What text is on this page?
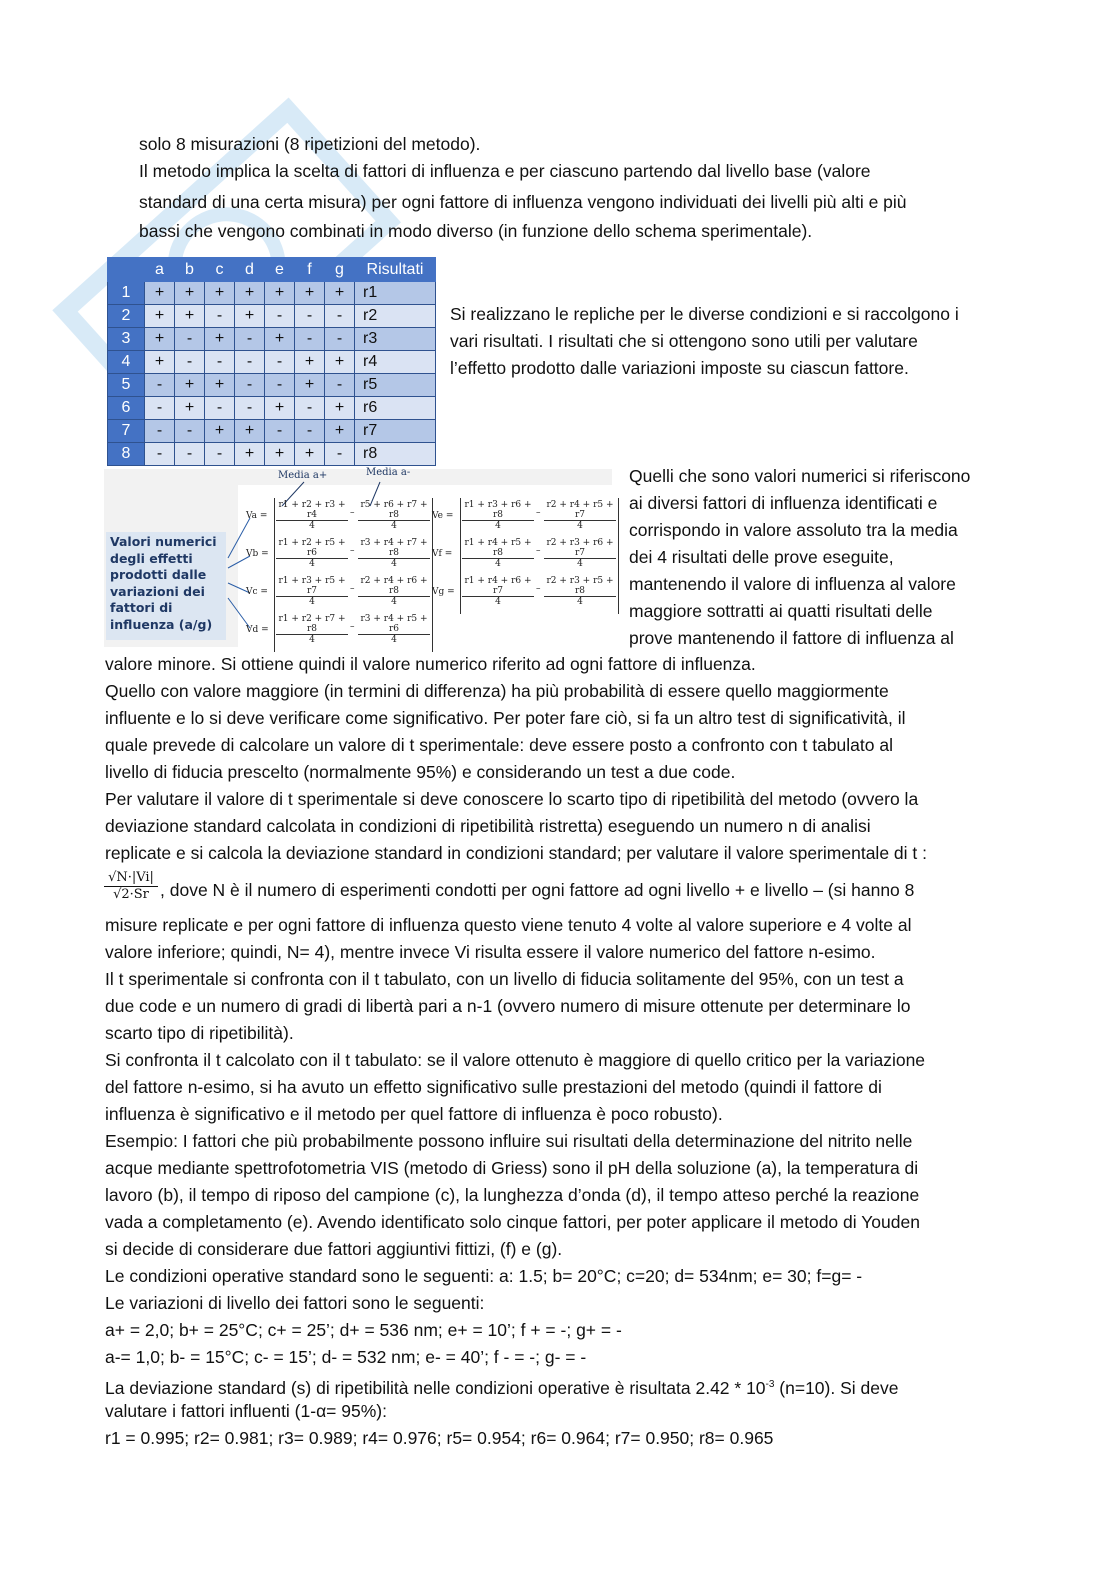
solo 8 misurazioni (8 ripetizioni del metodo).

Il metodo implica la scelta di fattori di influenza e per ciascuno partendo dal livello base (valore

standard di una certa misura) per ogni fattore di influenza vengono individuati dei livelli più alti e più

bassi che vengono combinati in modo diverso (in funzione dello schema sperimentale).

	a	b	c	d	e	f	g	Risultati
1	+	+	+	+	+	+	+	r1
2	+	+	-	+	-	-	-	r2
3	+	-	+	-	+	-	-	r3
4	+	-	-	-	-	+	+	r4
5	-	+	+	-	-	+	-	r5
6	-	+	-	-	+	-	+	r6
7	-	-	+	+	-	-	+	r7
8	-	-	-	+	+	+	-	r8

Si realizzano le repliche per le diverse condizioni e si raccolgono i

vari risultati. I risultati che si ottengono sono utili per valutare

l’effetto prodotto dalle variazioni imposte su ciascun fattore.

Valori numerici degli effetti prodotti dalle variazioni dei fattori di influenza (a/g)
Media a+	Media a-
$Va = \frac{r1 + r2 + r3 + r4}{4} - \frac{r5 + r6 + r7 + r8}{4}$
$Vb = \frac{r1 + r2 + r5 + r6}{4} - \frac{r3 + r4 + r7 + r8}{4}$
$Vc = \frac{r1 + r3 + r5 + r7}{4} - \frac{r2 + r4 + r6 + r8}{4}$
$Vd = \frac{r1 + r2 + r7 + r8}{4} - \frac{r3 + r4 + r5 + r6}{4}$
$Ve = \frac{r1 + r3 + r6 + r8}{4} - \frac{r2 + r4 + r5 + r7}{4}$
$Vf = \frac{r1 + r4 + r5 + r8}{4} - \frac{r2 + r3 + r6 + r7}{4}$
$Vg = \frac{r1 + r4 + r6 + r7}{4} - \frac{r2 + r3 + r5 + r8}{4}$

Quelli che sono valori numerici si riferiscono

ai diversi fattori di influenza identificati e

corrispondo in valore assoluto tra la media

dei 4 risultati delle prove eseguite,

mantenendo il valore di influenza al valore

maggiore sottratti ai quatti risultati delle

prove mantenendo il fattore di influenza al

valore minore. Si ottiene quindi il valore numerico riferito ad ogni fattore di influenza.

Quello con valore maggiore (in termini di differenza) ha più probabilità di essere quello maggiormente

influente e lo si deve verificare come significativo. Per poter fare ciò, si fa un altro test di significatività, il

quale prevede di calcolare un valore di t sperimentale: deve essere posto a confronto con t tabulato al

livello di fiducia prescelto (normalmente 95%) e considerando un test a due code.

Per valutare il valore di t sperimentale si deve conoscere lo scarto tipo di ripetibilità del metodo (ovvero la

deviazione standard calcolata in condizioni di ripetibilità ristretta) eseguendo un numero n di analisi

replicate e si calcola la deviazione standard in condizioni standard; per valutare il valore sperimentale di t :

$\frac{√N\cdot|Vi|}{√2\cdot Sr}$ , dove N è il numero di esperimenti condotti per ogni fattore ad ogni livello + e livello – (si hanno 8

misure replicate e per ogni fattore di influenza questo viene tenuto 4 volte al valore superiore e 4 volte al

valore inferiore; quindi, N= 4), mentre invece Vi risulta essere il valore numerico del fattore n-esimo.

Il t sperimentale si confronta con il t tabulato, con un livello di fiducia solitamente del 95%, con un test a

due code e un numero di gradi di libertà pari a n-1 (ovvero numero di misure ottenute per determinare lo

scarto tipo di ripetibilità).

Si confronta il t calcolato con il t tabulato: se il valore ottenuto è maggiore di quello critico per la variazione

del fattore n-esimo, si ha avuto un effetto significativo sulle prestazioni del metodo (quindi il fattore di

influenza è significativo e il metodo per quel fattore di influenza è poco robusto).

Esempio: I fattori che più probabilmente possono influire sui risultati della determinazione del nitrito nelle

acque mediante spettrofotometria VIS (metodo di Griess) sono il pH della soluzione (a), la temperatura di

lavoro (b), il tempo di riposo del campione (c), la lunghezza d’onda (d), il tempo atteso perché la reazione

vada a completamento (e). Avendo identificato solo cinque fattori, per poter applicare il metodo di Youden

si decide di considerare due fattori aggiuntivi fittizi, (f) e (g).

Le condizioni operative standard sono le seguenti: a: 1.5; b= 20°C; c=20; d= 534nm; e= 30; f=g= -

Le variazioni di livello dei fattori sono le seguenti:

a+ = 2,0; b+ = 25°C; c+ = 25’; d+ = 536 nm; e+ = 10’; f + = -; g+ = -

a-= 1,0; b- = 15°C; c- = 15’; d- = 532 nm; e- = 40’; f - = -; g- = -

La deviazione standard (s) di ripetibilità nelle condizioni operative è risultata $2.42 * 10^{-3}$ (n=10). Si deve

valutare i fattori influenti (1-α= 95%):

r1 = 0.995; r2= 0.981; r3= 0.989; r4= 0.976; r5= 0.954; r6= 0.964; r7= 0.950; r8= 0.965
